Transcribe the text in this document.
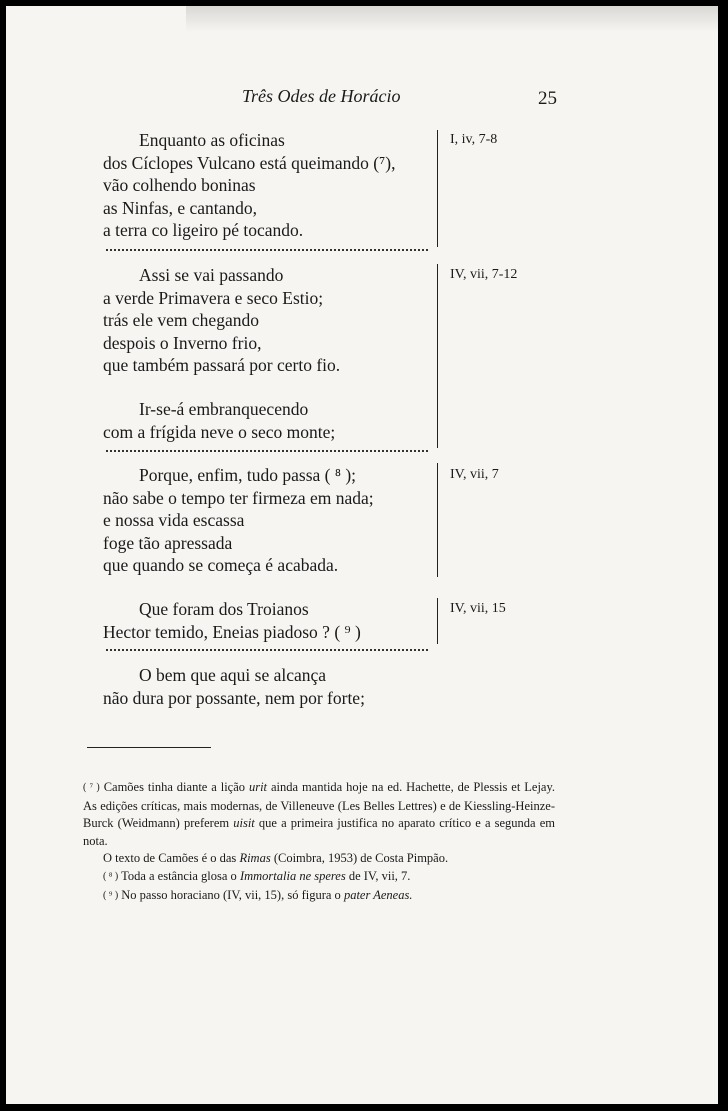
Três Odes de Horácio	25
Enquanto as oficinas
dos Cíclopes Vulcano está queimando (⁷),
vão colhendo boninas
as Ninfas, e cantando,
a terra co ligeiro pé tocando.
I, iv, 7-8
Assi se vai passando
a verde Primavera e seco Estio;
trás ele vem chegando
despois o Inverno frio,
que também passará por certo fio.
IV, vii, 7-12
Ir-se-á embranquecendo
com a frígida neve o seco monte;
Porque, enfim, tudo passa ( ⁸ );
não sabe o tempo ter firmeza em nada;
e nossa vida escassa
foge tão apressada
que quando se começa é acabada.
IV, vii, 7
Que foram dos Troianos
Hector temido, Eneias piadoso ? ( ⁹ )
IV, vii, 15
O bem que aqui se alcança
não dura por possante, nem por forte;

( ⁷ ) Camões tinha diante a lição urit ainda mantida hoje na ed. Hachette, de Plessis et Lejay. As edições críticas, mais modernas, de Villeneuve (Les Belles Lettres) e de Kiessling-Heinze-Burck (Weidmann) preferem uisit que a primeira justifica no aparato crítico e a segunda em nota.

O texto de Camões é o das Rimas (Coimbra, 1953) de Costa Pimpão.

( ⁸ ) Toda a estância glosa o Immortalia ne speres de IV, vii, 7.

( ⁹ ) No passo horaciano (IV, vii, 15), só figura o pater Aeneas.
